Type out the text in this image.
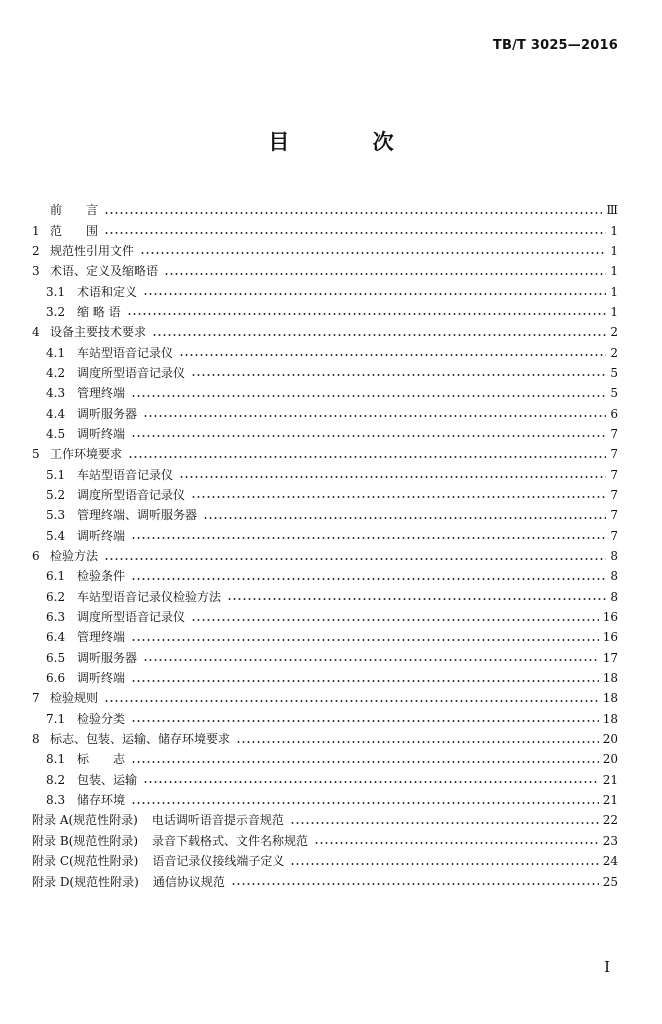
TB/T 3025—2016
目 次
前　　言	Ⅲ
1 范　　围	1
2 规范性引用文件	1
3 术语、定义及缩略语	1
3.1 术语和定义	1
3.2 缩 略 语	1
4 设备主要技术要求	2
4.1 车站型语音记录仪	2
4.2 调度所型语音记录仪	5
4.3 管理终端	5
4.4 调听服务器	6
4.5 调听终端	7
5 工作环境要求	7
5.1 车站型语音记录仪	7
5.2 调度所型语音记录仪	7
5.3 管理终端、调听服务器	7
5.4 调听终端	7
6 检验方法	8
6.1 检验条件	8
6.2 车站型语音记录仪检验方法	8
6.3 调度所型语音记录仪	16
6.4 管理终端	16
6.5 调听服务器	17
6.6 调听终端	18
7 检验规则	18
7.1 检验分类	18
8 标志、包装、运输、储存环境要求	20
8.1 标　　志	20
8.2 包装、运输	21
8.3 储存环境	21
附录 A(规范性附录) 电话调听语音提示音规范	22
附录 B(规范性附录) 录音下载格式、文件名称规范	23
附录 C(规范性附录) 语音记录仪接线端子定义	24
附录 D(规范性附录) 通信协议规范	25
I
